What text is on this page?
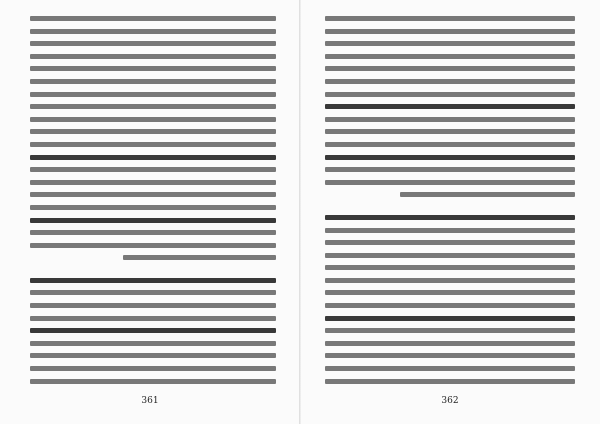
361	362
